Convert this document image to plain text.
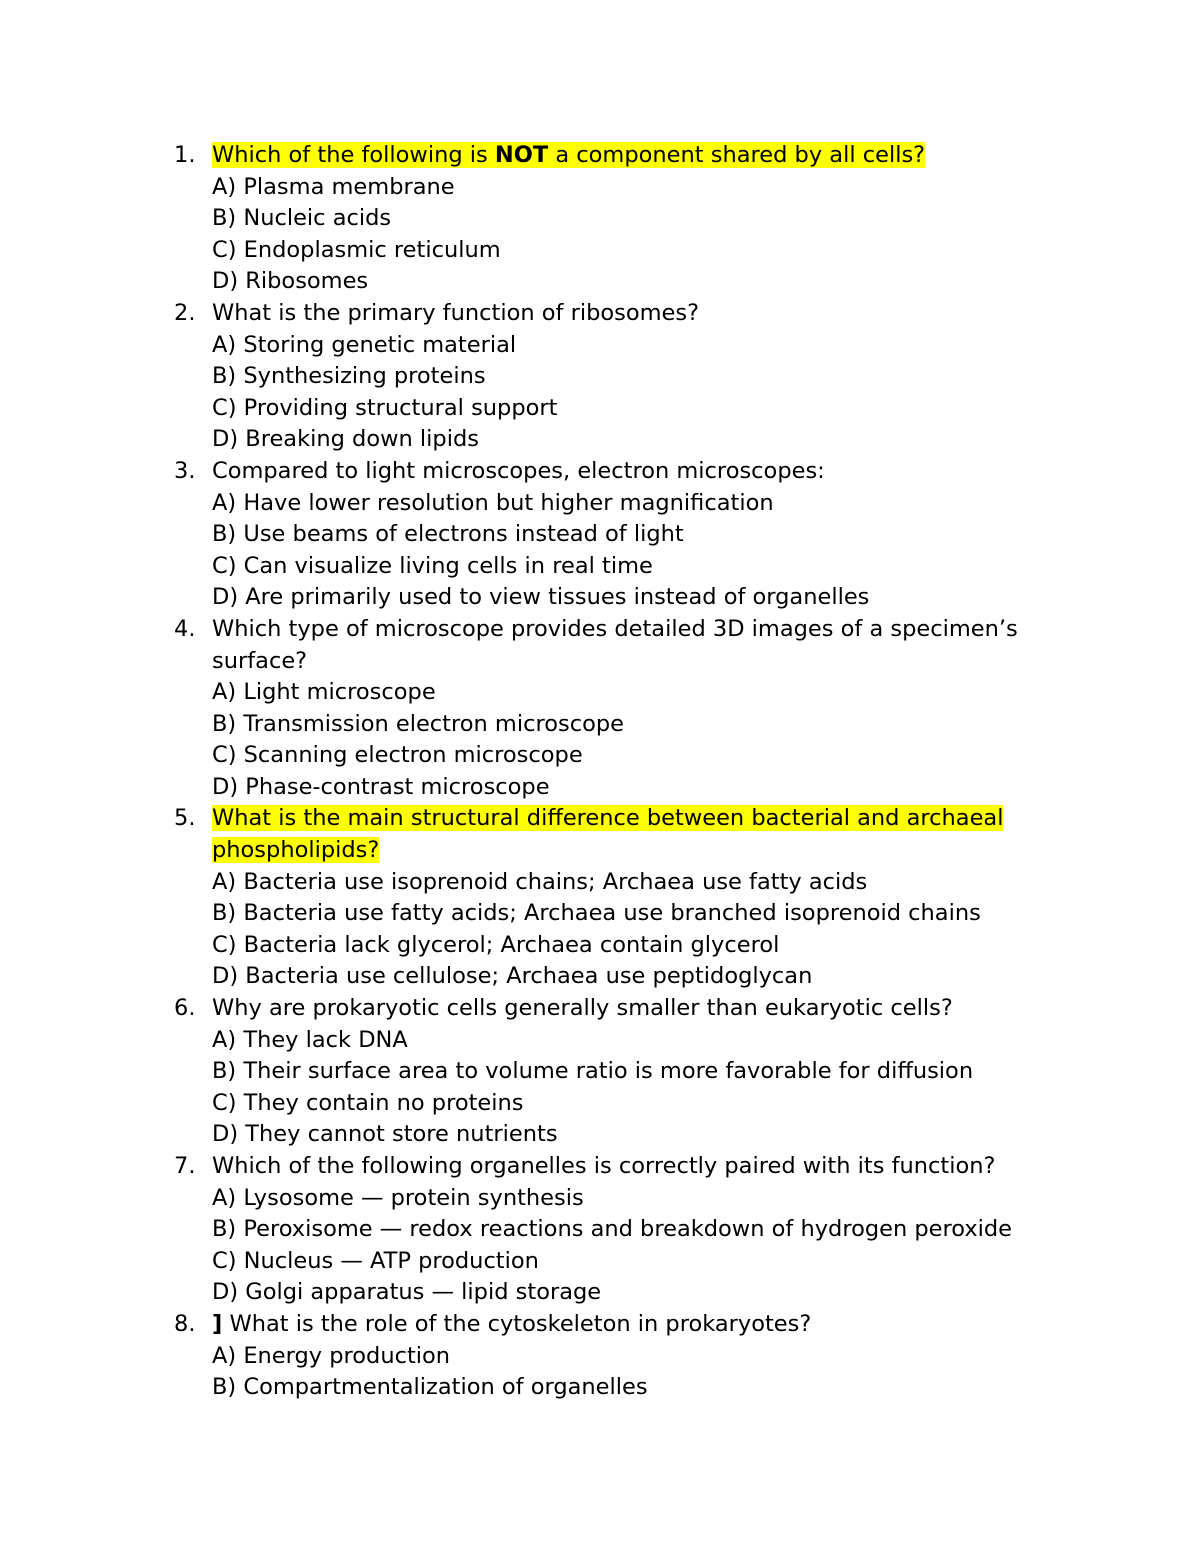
1. Which of the following is NOT a component shared by all cells?
A) Plasma membrane
B) Nucleic acids
C) Endoplasmic reticulum
D) Ribosomes
2. What is the primary function of ribosomes?
A) Storing genetic material
B) Synthesizing proteins
C) Providing structural support
D) Breaking down lipids
3. Compared to light microscopes, electron microscopes:
A) Have lower resolution but higher magnification
B) Use beams of electrons instead of light
C) Can visualize living cells in real time
D) Are primarily used to view tissues instead of organelles
4. Which type of microscope provides detailed 3D images of a specimen’s surface?
A) Light microscope
B) Transmission electron microscope
C) Scanning electron microscope
D) Phase-contrast microscope
5. What is the main structural difference between bacterial and archaeal phospholipids?
A) Bacteria use isoprenoid chains; Archaea use fatty acids
B) Bacteria use fatty acids; Archaea use branched isoprenoid chains
C) Bacteria lack glycerol; Archaea contain glycerol
D) Bacteria use cellulose; Archaea use peptidoglycan
6. Why are prokaryotic cells generally smaller than eukaryotic cells?
A) They lack DNA
B) Their surface area to volume ratio is more favorable for diffusion
C) They contain no proteins
D) They cannot store nutrients
7. Which of the following organelles is correctly paired with its function?
A) Lysosome — protein synthesis
B) Peroxisome — redox reactions and breakdown of hydrogen peroxide
C) Nucleus — ATP production
D) Golgi apparatus — lipid storage
8. ] What is the role of the cytoskeleton in prokaryotes?
A) Energy production
B) Compartmentalization of organelles
